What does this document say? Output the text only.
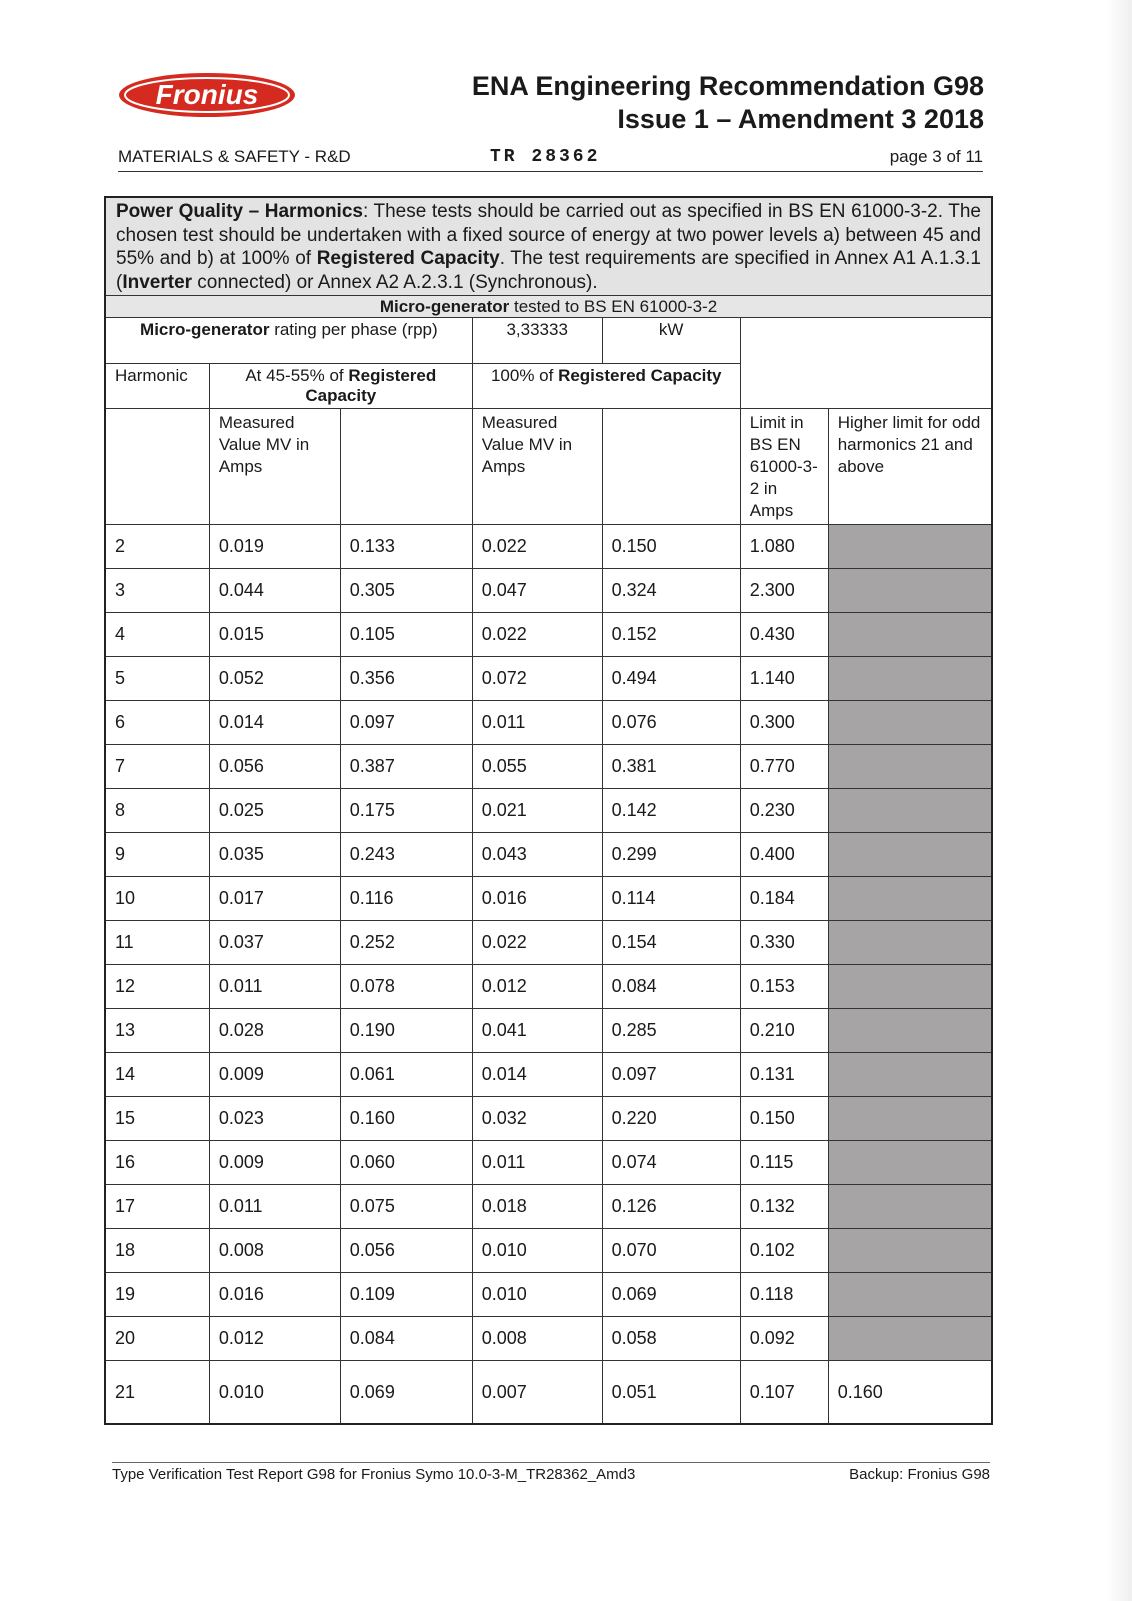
Fronius	ENA Engineering Recommendation G98
Issue 1 – Amendment 3 2018
MATERIALS & SAFETY - R&D	TR 28362	page 3 of 11
Power Quality – Harmonics: These tests should be carried out as specified in BS EN 61000-3-2. The chosen test should be undertaken with a fixed source of energy at two power levels a) between 45 and 55% and b) at 100% of Registered Capacity. The test requirements are specified in Annex A1 A.1.3.1 (Inverter connected) or Annex A2 A.2.3.1 (Synchronous).						
Micro-generator tested to BS EN 61000-3-2						
Micro-generator rating per phase (rpp)			3,33333	kW		
Harmonic	At 45-55% of Registered Capacity		100% of Registered Capacity			
	Measured Value MV in Amps		Measured Value MV in Amps		Limit in BS EN 61000-3-2 in Amps	Higher limit for odd harmonics 21 and above
2	0.019	0.133	0.022	0.150	1.080	
3	0.044	0.305	0.047	0.324	2.300	
4	0.015	0.105	0.022	0.152	0.430	
5	0.052	0.356	0.072	0.494	1.140	
6	0.014	0.097	0.011	0.076	0.300	
7	0.056	0.387	0.055	0.381	0.770	
8	0.025	0.175	0.021	0.142	0.230	
9	0.035	0.243	0.043	0.299	0.400	
10	0.017	0.116	0.016	0.114	0.184	
11	0.037	0.252	0.022	0.154	0.330	
12	0.011	0.078	0.012	0.084	0.153	
13	0.028	0.190	0.041	0.285	0.210	
14	0.009	0.061	0.014	0.097	0.131	
15	0.023	0.160	0.032	0.220	0.150	
16	0.009	0.060	0.011	0.074	0.115	
17	0.011	0.075	0.018	0.126	0.132	
18	0.008	0.056	0.010	0.070	0.102	
19	0.016	0.109	0.010	0.069	0.118	
20	0.012	0.084	0.008	0.058	0.092	
21	0.010	0.069	0.007	0.051	0.107	0.160
Type Verification Test Report G98 for Fronius Symo 10.0-3-M_TR28362_Amd3	Backup: Fronius G98
